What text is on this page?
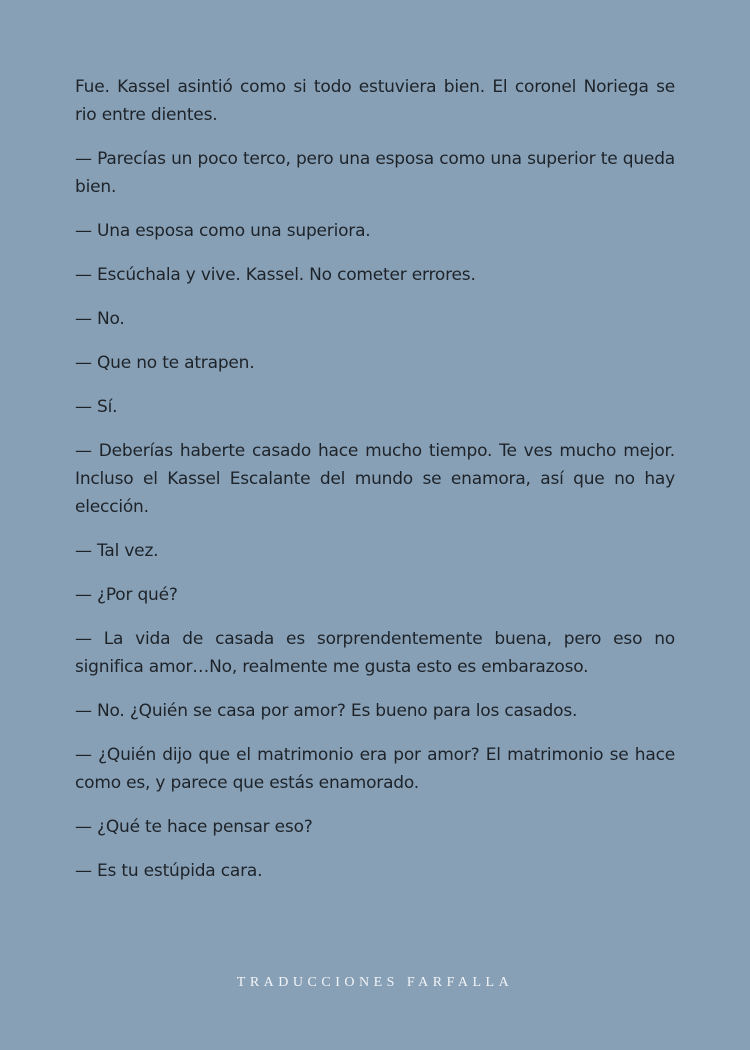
Fue. Kassel asintió como si todo estuviera bien. El coronel Noriega se rio entre dientes.

— Parecías un poco terco, pero una esposa como una superior te queda bien.

— Una esposa como una superiora.

— Escúchala y vive. Kassel. No cometer errores.

— No.

— Que no te atrapen.

— Sí.

— Deberías haberte casado hace mucho tiempo. Te ves mucho mejor. Incluso el Kassel Escalante del mundo se enamora, así que no hay elección.

— Tal vez.

— ¿Por qué?

— La vida de casada es sorprendentemente buena, pero eso no significa amor…No, realmente me gusta esto es embarazoso.

— No. ¿Quién se casa por amor? Es bueno para los casados.

— ¿Quién dijo que el matrimonio era por amor? El matrimonio se hace como es, y parece que estás enamorado.

— ¿Qué te hace pensar eso?

— Es tu estúpida cara.

TRADUCCIONES FARFALLA
